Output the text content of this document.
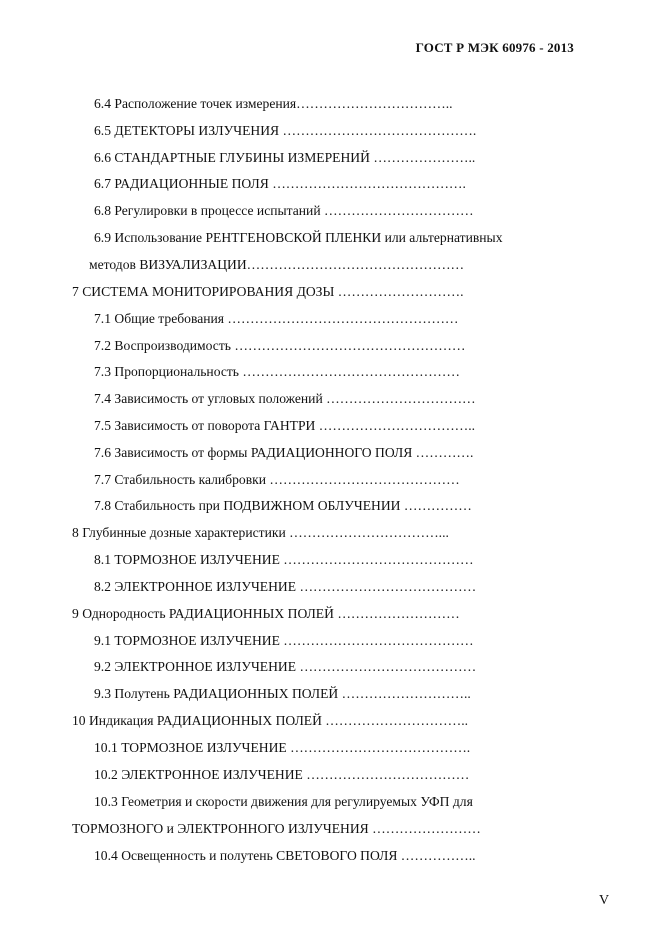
ГОСТ Р МЭК 60976 - 2013
6.4 Расположение точек измерения……………………………..
6.5 ДЕТЕКТОРЫ ИЗЛУЧЕНИЯ …………………………………….
6.6 СТАНДАРТНЫЕ ГЛУБИНЫ ИЗМЕРЕНИЙ …………………..
6.7 РАДИАЦИОННЫЕ ПОЛЯ …………………………………….
6.8 Регулировки в процессе испытаний ……………………………
6.9 Использование РЕНТГЕНОВСКОЙ ПЛЕНКИ или альтернативных
методов ВИЗУАЛИЗАЦИИ…………………………………………
7 СИСТЕМА МОНИТОРИРОВАНИЯ ДОЗЫ ……………………….
7.1 Общие требования ……………………………………………
7.2 Воспроизводимость ……………………………………………
7.3 Пропорциональность …………………………………………
7.4 Зависимость от угловых положений ……………………………
7.5 Зависимость от поворота ГАНТРИ ……………………………..
7.6 Зависимость от формы РАДИАЦИОННОГО ПОЛЯ ………….
7.7 Стабильность калибровки ……………………………………
7.8 Стабильность при ПОДВИЖНОМ ОБЛУЧЕНИИ ……………
8 Глубинные дозные характеристики ……………………………...
8.1 ТОРМОЗНОЕ ИЗЛУЧЕНИЕ ……………………………………
8.2 ЭЛЕКТРОННОЕ ИЗЛУЧЕНИЕ …………………………………
9 Однородность РАДИАЦИОННЫХ ПОЛЕЙ ………………………
9.1 ТОРМОЗНОЕ ИЗЛУЧЕНИЕ ……………………………………
9.2 ЭЛЕКТРОННОЕ ИЗЛУЧЕНИЕ …………………………………
9.3 Полутень РАДИАЦИОННЫХ ПОЛЕЙ ………………………..
10 Индикация РАДИАЦИОННЫХ ПОЛЕЙ …………………………..
10.1 ТОРМОЗНОЕ ИЗЛУЧЕНИЕ ………………………………….
10.2 ЭЛЕКТРОННОЕ ИЗЛУЧЕНИЕ ………………………………
10.3 Геометрия и скорости движения для регулируемых УФП для
ТОРМОЗНОГО и ЭЛЕКТРОННОГО ИЗЛУЧЕНИЯ ……………………
10.4 Освещенность и полутень СВЕТОВОГО ПОЛЯ ……………..
V
